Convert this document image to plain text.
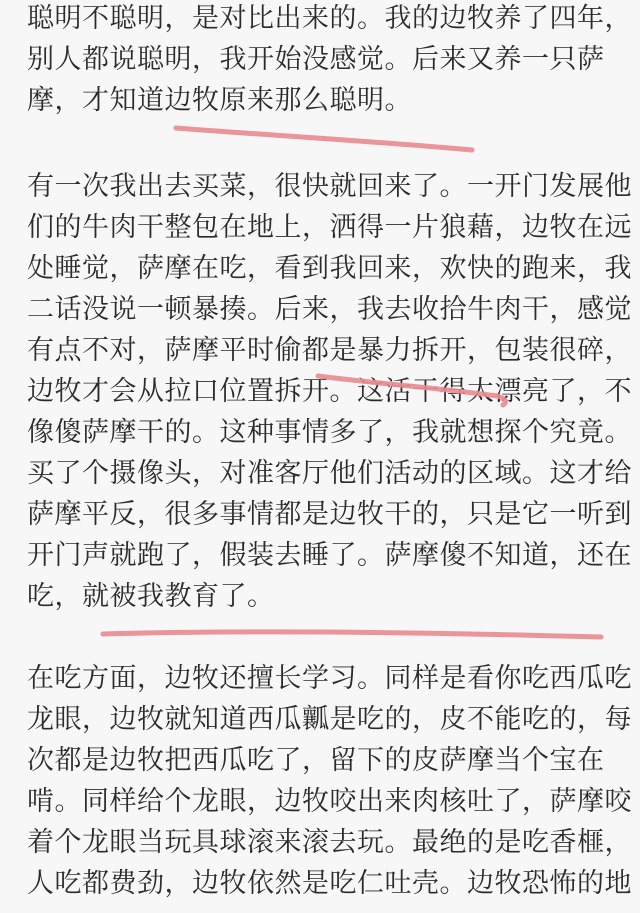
聪明不聪明，是对比出来的。我的边牧养了四年，
别人都说聪明，我开始没感觉。后来又养一只萨
摩，才知道边牧原来那么聪明。
有一次我出去买菜，很快就回来了。一开门发展他
们的牛肉干整包在地上，洒得一片狼藉，边牧在远
处睡觉，萨摩在吃，看到我回来，欢快的跑来，我
二话没说一顿暴揍。后来，我去收拾牛肉干，感觉
有点不对，萨摩平时偷都是暴力拆开，包装很碎，
边牧才会从拉口位置拆开。这活干得太漂亮了，不
像傻萨摩干的。这种事情多了，我就想探个究竟。
买了个摄像头，对准客厅他们活动的区域。这才给
萨摩平反，很多事情都是边牧干的，只是它一听到
开门声就跑了，假装去睡了。萨摩傻不知道，还在
吃，就被我教育了。
在吃方面，边牧还擅长学习。同样是看你吃西瓜吃
龙眼，边牧就知道西瓜瓤是吃的，皮不能吃的，每
次都是边牧把西瓜吃了，留下的皮萨摩当个宝在
啃。同样给个龙眼，边牧咬出来肉核吐了，萨摩咬
着个龙眼当玩具球滚来滚去玩。最绝的是吃香榧，
人吃都费劲，边牧依然是吃仁吐壳。边牧恐怖的地
